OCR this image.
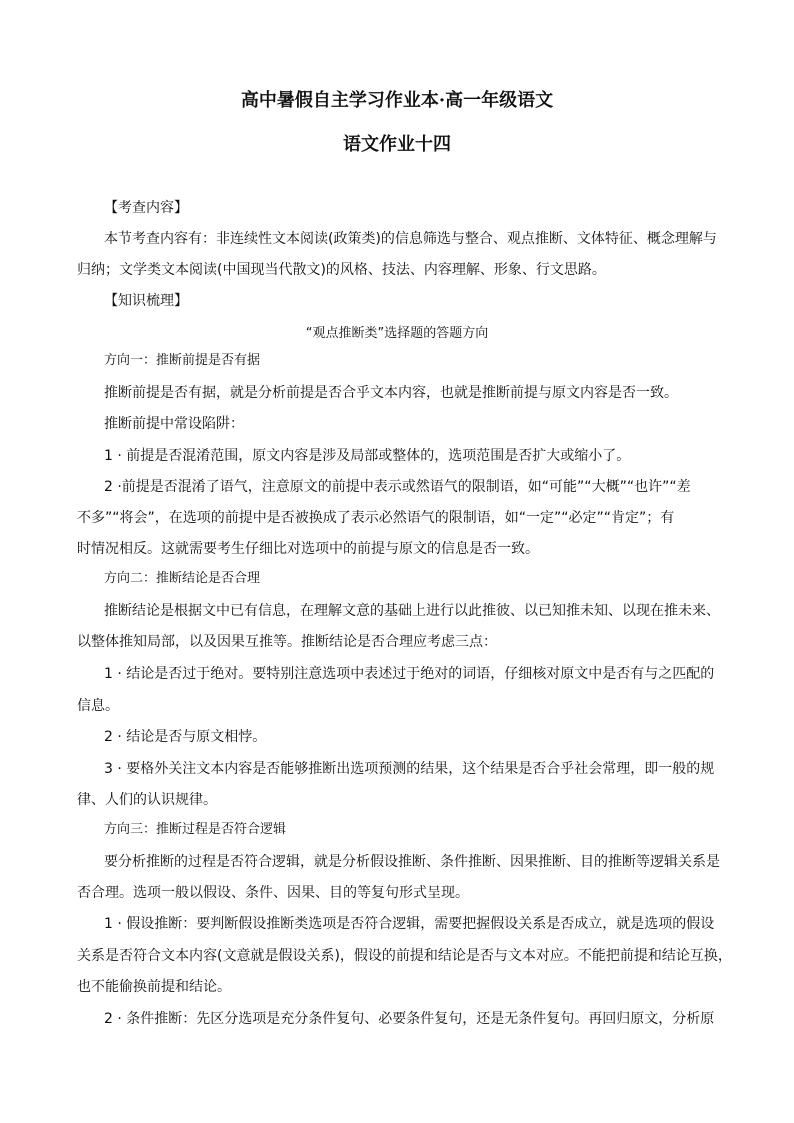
高中暑假自主学习作业本·高一年级语文
语文作业十四
【考查内容】
本节考查内容有：非连续性文本阅读(政策类)的信息筛选与整合、观点推断、文体特征、概念理解与
归纳；文学类文本阅读(中国现当代散文)的风格、技法、内容理解、形象、行文思路。
【知识梳理】
“观点推断类”选择题的答题方向
方向一：推断前提是否有据
推断前提是否有据，就是分析前提是否合乎文本内容，也就是推断前提与原文内容是否一致。
推断前提中常设陷阱：
1 · 前提是否混淆范围，原文内容是涉及局部或整体的，选项范围是否扩大或缩小了。
2 ·前提是否混淆了语气，注意原文的前提中表示或然语气的限制语，如“可能”“大概”“也许”“差
不多”“将会”，在选项的前提中是否被换成了表示必然语气的限制语，如“一定”“必定”“肯定”；有
时情况相反。这就需要考生仔细比对选项中的前提与原文的信息是否一致。
方向二：推断结论是否合理
推断结论是根据文中已有信息，在理解文意的基础上进行以此推彼、以已知推未知、以现在推未来、
以整体推知局部，以及因果互推等。推断结论是否合理应考虑三点：
1 · 结论是否过于绝对。要特别注意选项中表述过于绝对的词语，仔细核对原文中是否有与之匹配的
信息。
2 · 结论是否与原文相悖。
3 · 要格外关注文本内容是否能够推断出选项预测的结果，这个结果是否合乎社会常理，即一般的规
律、人们的认识规律。
方向三：推断过程是否符合逻辑
要分析推断的过程是否符合逻辑，就是分析假设推断、条件推断、因果推断、目的推断等逻辑关系是
否合理。选项一般以假设、条件、因果、目的等复句形式呈现。
1 · 假设推断：要判断假设推断类选项是否符合逻辑，需要把握假设关系是否成立，就是选项的假设
关系是否符合文本内容(文意就是假设关系)，假设的前提和结论是否与文本对应。不能把前提和结论互换，
也不能偷换前提和结论。
2 · 条件推断：先区分选项是充分条件复句、必要条件复句，还是无条件复句。再回归原文，分析原
